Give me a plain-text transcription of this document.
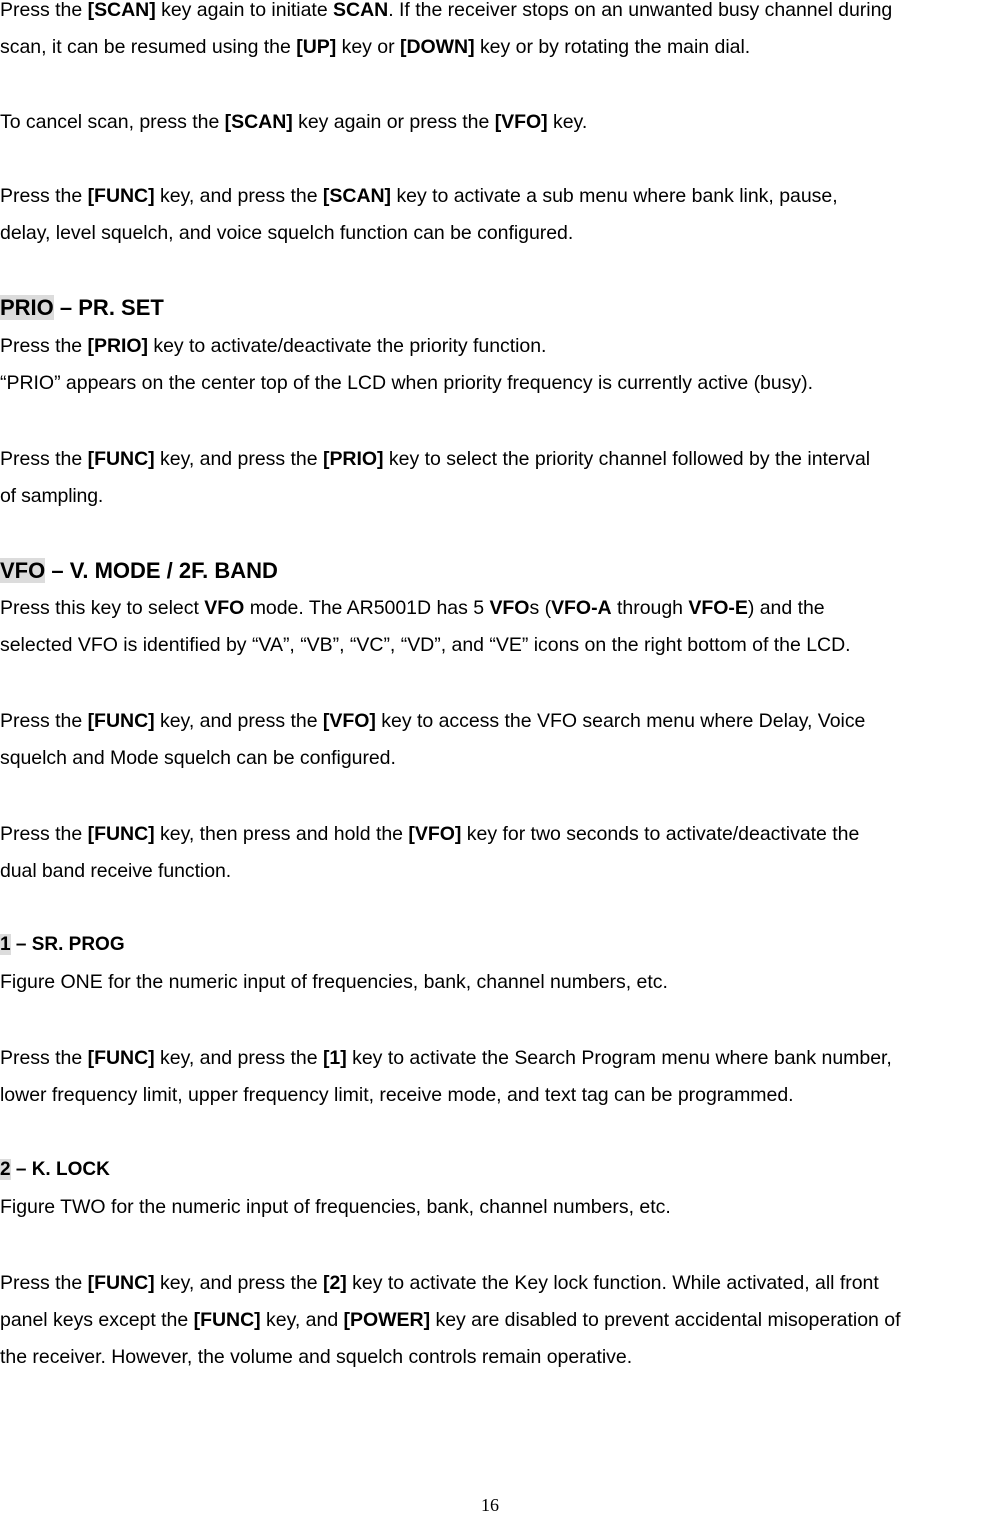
Press the [SCAN] key again to initiate SCAN. If the receiver stops on an unwanted busy channel during
scan, it can be resumed using the [UP] key or [DOWN] key or by rotating the main dial.
To cancel scan, press the [SCAN] key again or press the [VFO] key.
Press the [FUNC] key, and press the [SCAN] key to activate a sub menu where bank link, pause,
delay, level squelch, and voice squelch function can be configured.
PRIO – PR. SET
Press the [PRIO] key to activate/deactivate the priority function.
“PRIO” appears on the center top of the LCD when priority frequency is currently active (busy).
Press the [FUNC] key, and press the [PRIO] key to select the priority channel followed by the interval
of sampling.
VFO – V. MODE / 2F. BAND
Press this key to select VFO mode. The AR5001D has 5 VFOs (VFO-A through VFO-E) and the
selected VFO is identified by “VA”, “VB”, “VC”, “VD”, and “VE” icons on the right bottom of the LCD.
Press the [FUNC] key, and press the [VFO] key to access the VFO search menu where Delay, Voice
squelch and Mode squelch can be configured.
Press the [FUNC] key, then press and hold the [VFO] key for two seconds to activate/deactivate the
dual band receive function.
1 – SR. PROG
Figure ONE for the numeric input of frequencies, bank, channel numbers, etc.
Press the [FUNC] key, and press the [1] key to activate the Search Program menu where bank number,
lower frequency limit, upper frequency limit, receive mode, and text tag can be programmed.
2 – K. LOCK
Figure TWO for the numeric input of frequencies, bank, channel numbers, etc.
Press the [FUNC] key, and press the [2] key to activate the Key lock function. While activated, all front
panel keys except the [FUNC] key, and [POWER] key are disabled to prevent accidental misoperation of
the receiver. However, the volume and squelch controls remain operative.
16
